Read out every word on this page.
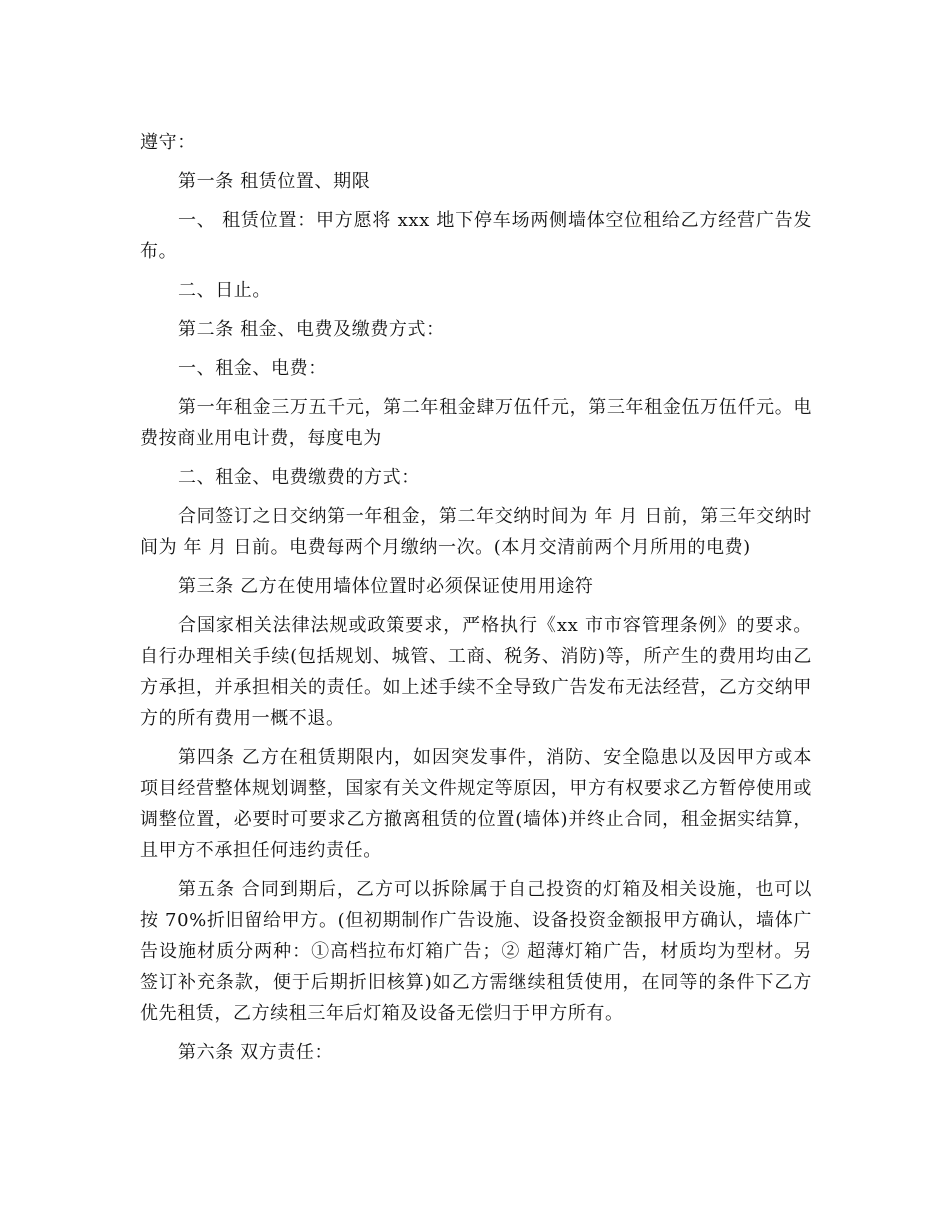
遵守：

第一条 租赁位置、期限

一、 租赁位置：甲方愿将 xxx 地下停车场两侧墙体空位租给乙方经营广告发布。

二、日止。

第二条 租金、电费及缴费方式：

一、租金、电费：

第一年租金三万五千元，第二年租金肆万伍仟元，第三年租金伍万伍仟元。电费按商业用电计费，每度电为

二、租金、电费缴费的方式：

合同签订之日交纳第一年租金，第二年交纳时间为 年 月 日前，第三年交纳时间为 年 月 日前。电费每两个月缴纳一次。(本月交清前两个月所用的电费)

第三条 乙方在使用墙体位置时必须保证使用用途符

合国家相关法律法规或政策要求，严格执行《xx 市市容管理条例》的要求。自行办理相关手续(包括规划、城管、工商、税务、消防)等，所产生的费用均由乙方承担，并承担相关的责任。如上述手续不全导致广告发布无法经营，乙方交纳甲方的所有费用一概不退。

第四条 乙方在租赁期限内，如因突发事件，消防、安全隐患以及因甲方或本项目经营整体规划调整，国家有关文件规定等原因，甲方有权要求乙方暂停使用或调整位置，必要时可要求乙方撤离租赁的位置(墙体)并终止合同，租金据实结算，且甲方不承担任何违约责任。

第五条 合同到期后，乙方可以拆除属于自己投资的灯箱及相关设施，也可以按 70%折旧留给甲方。(但初期制作广告设施、设备投资金额报甲方确认，墙体广告设施材质分两种：①高档拉布灯箱广告；② 超薄灯箱广告，材质均为型材。另签订补充条款，便于后期折旧核算)如乙方需继续租赁使用，在同等的条件下乙方优先租赁，乙方续租三年后灯箱及设备无偿归于甲方所有。

第六条 双方责任：
